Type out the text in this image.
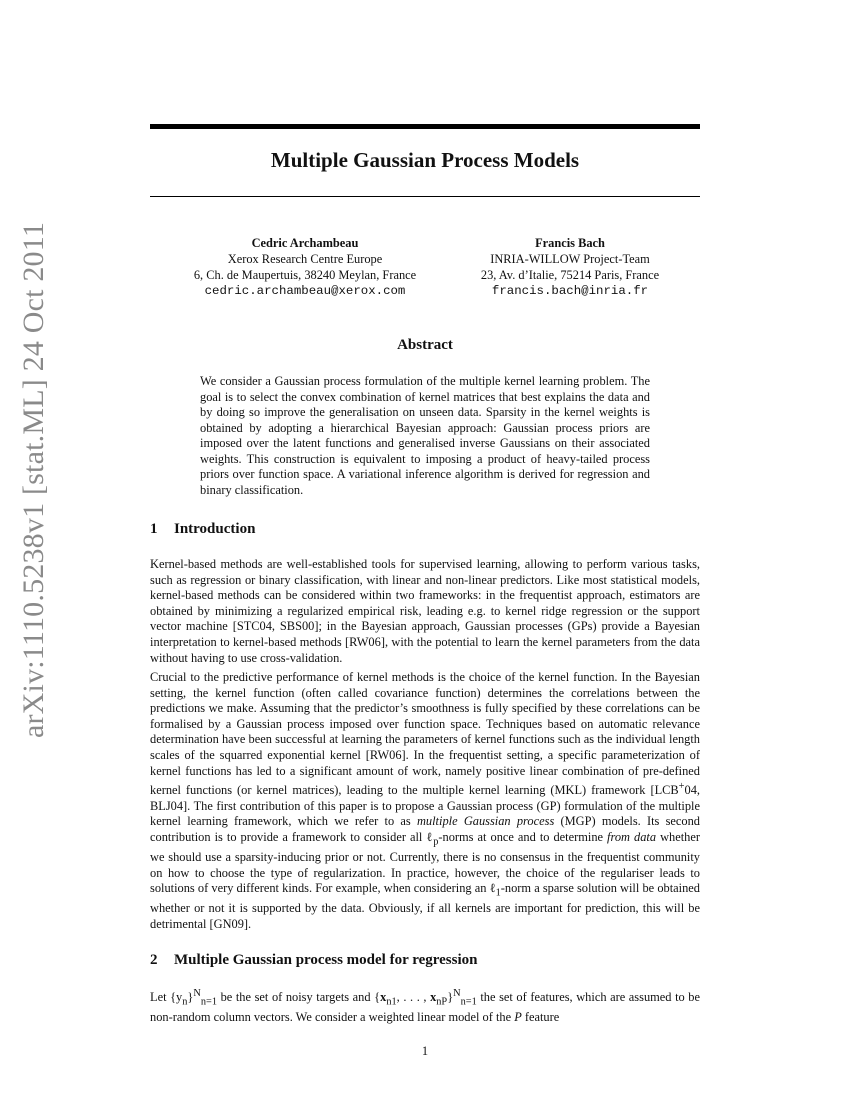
arXiv:1110.5238v1 [stat.ML] 24 Oct 2011
Multiple Gaussian Process Models
Cedric Archambeau
Xerox Research Centre Europe
6, Ch. de Maupertuis, 38240 Meylan, France
cedric.archambeau@xerox.com
Francis Bach
INRIA-WILLOW Project-Team
23, Av. d’Italie, 75214 Paris, France
francis.bach@inria.fr
Abstract

We consider a Gaussian process formulation of the multiple kernel learning problem. The goal is to select the convex combination of kernel matrices that best explains the data and by doing so improve the generalisation on unseen data. Sparsity in the kernel weights is obtained by adopting a hierarchical Bayesian approach: Gaussian process priors are imposed over the latent functions and generalised inverse Gaussians on their associated weights. This construction is equivalent to imposing a product of heavy-tailed process priors over function space. A variational inference algorithm is derived for regression and binary classification.

1 Introduction

Kernel-based methods are well-established tools for supervised learning, allowing to perform various tasks, such as regression or binary classification, with linear and non-linear predictors. Like most statistical models, kernel-based methods can be considered within two frameworks: in the frequentist approach, estimators are obtained by minimizing a regularized empirical risk, leading e.g. to kernel ridge regression or the support vector machine [STC04, SBS00]; in the Bayesian approach, Gaussian processes (GPs) provide a Bayesian interpretation to kernel-based methods [RW06], with the potential to learn the kernel parameters from the data without having to use cross-validation.

Crucial to the predictive performance of kernel methods is the choice of the kernel function. In the Bayesian setting, the kernel function (often called covariance function) determines the correlations between the predictions we make. Assuming that the predictor’s smoothness is fully specified by these correlations can be formalised by a Gaussian process imposed over function space. Techniques based on automatic relevance determination have been successful at learning the parameters of kernel functions such as the individual length scales of the squarred exponential kernel [RW06]. In the frequentist setting, a specific parameterization of kernel functions has led to a significant amount of work, namely positive linear combination of pre-defined kernel functions (or kernel matrices), leading to the multiple kernel learning (MKL) framework [LCB+04, BLJ04]. The first contribution of this paper is to propose a Gaussian process (GP) formulation of the multiple kernel learning framework, which we refer to as multiple Gaussian process (MGP) models. Its second contribution is to provide a framework to consider all ℓ$_p$-norms at once and to determine from data whether we should use a sparsity-inducing prior or not. Currently, there is no consensus in the frequentist community on how to choose the type of regularization. In practice, however, the choice of the regulariser leads to solutions of very different kinds. For example, when considering an ℓ$_1$-norm a sparse solution will be obtained whether or not it is supported by the data. Obviously, if all kernels are important for prediction, this will be detrimental [GN09].

2 Multiple Gaussian process model for regression

Let $\{y_n\}^N_{n=1}$ be the set of noisy targets and {$x_{n1}$, . . . , $x_{nP}\}^N_{n=1}$ the set of features, which are assumed to be non-random column vectors. We consider a weighted linear model of the P feature

1
